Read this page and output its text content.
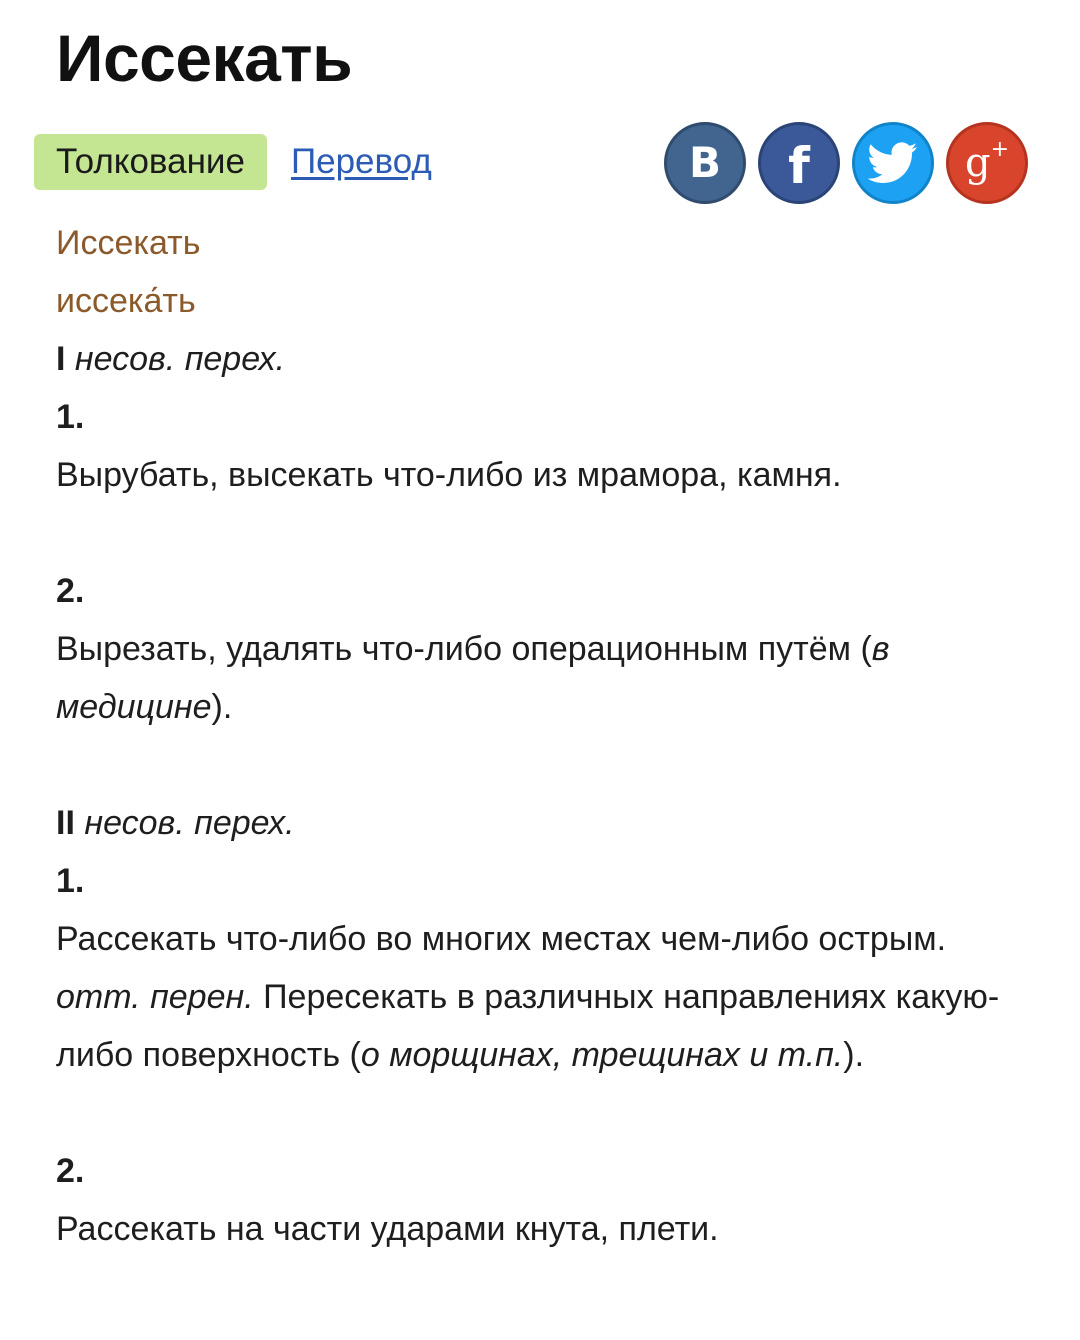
Иссекать
Толкование	Перевод	В f	g+

Иссекать

иссека́ть

I несов. перех.

1.

Вырубать, высекать что-либо из мрамора, камня.

2.

Вырезать, удалять что-либо операционным путём (в медицине).

II несов. перех.

1.

Рассекать что-либо во многих местах чем-либо острым.

отт. перен. Пересекать в различных направлениях какую-либо поверхность (о морщинах, трещинах и т.п.).

2.

Рассекать на части ударами кнута, плети.
